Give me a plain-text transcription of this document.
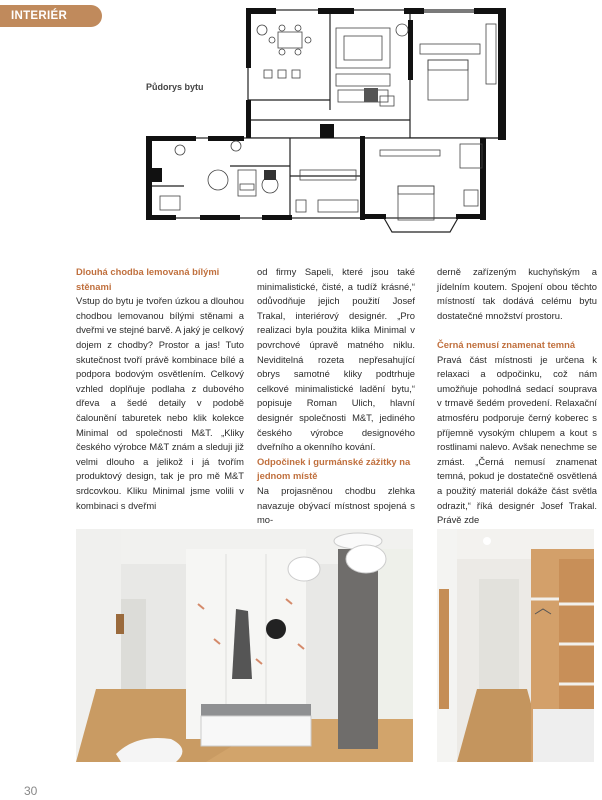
INTERIÉR
Půdorys bytu
Dlouhá chodba lemovaná bílými stěnami

Vstup do bytu je tvořen úzkou a dlouhou chodbou lemovanou bílými stěnami a dveřmi ve stejné barvě. A jaký je celkový dojem z chodby? Prostor a jas! Tuto skutečnost tvoří právě kombinace bílé a podpora bodovým osvětlením. Celkový vzhled doplňuje podlaha z dubového dřeva a šedé detaily v podobě čalounění taburetek nebo klik kolekce Minimal od společnosti M&T. „Kliky českého výrobce M&T znám a sleduji již velmi dlouho a jelikož i já tvořím produktový design, tak je pro mě M&T srdcovkou. Kliku Minimal jsme volili v kombinaci s dveřmi

od firmy Sapeli, které jsou také minimalistické, čisté, a tudíž krásné,“ odůvodňuje jejich použití Josef Trakal, interiérový designér. „Pro realizaci byla použita klika Minimal v povrchové úpravě matného niklu. Neviditelná rozeta nepřesahující obrys samotné kliky podtrhuje celkové minimalistické ladění bytu,“ popisuje Roman Ulich, hlavní designér společnosti M&T, jediného českého výrobce designového dveřního a okenního kování.

Odpočinek i gurmánské zážitky na jednom místě

Na projasněnou chodbu zlehka navazuje obývací místnost spojená s mo-

derně zařízeným kuchyňským a jídelním koutem. Spojení obou těchto místností tak dodává celému bytu dostatečné množství prostoru.

Černá nemusí znamenat temná

Pravá část místnosti je určena k relaxaci a odpočinku, což nám umožňuje pohodlná sedací souprava v trmavě šedém provedení. Relaxační atmosféru podporuje černý koberec s příjemně vysokým chlupem a kout s rostlinami nalevo. Avšak nenechme se zmást. „Černá nemusí znamenat temná, pokud je dostatečně osvětlená a použitý materiál dokáže část světla odrazit,“ říká designér Josef Trakal. Právě zde

30
